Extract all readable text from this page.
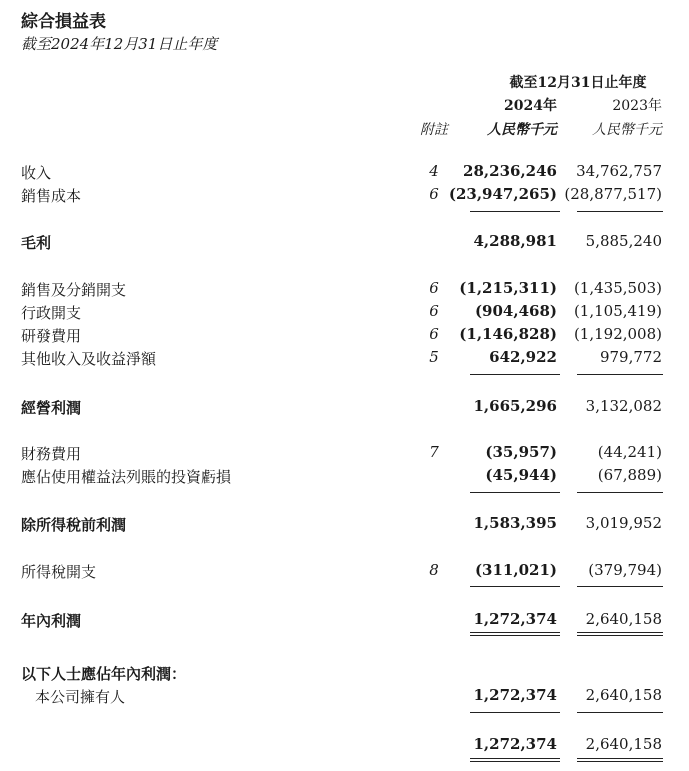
綜合損益表
截至2024年12月31日止年度
截至12月31日止年度
2024年	2023年
附註	人民幣千元	人民幣千元
收入	4	28,236,246 34,762,757
銷售成本	6 (23,947,265) (28,877,517)
毛利	4,288,981 5,885,240
銷售及分銷開支	6	(1,215,311) (1,435,503)
行政開支	6	(904,468) (1,105,419)
研發費用	6	(1,146,828) (1,192,008)
其他收入及收益淨額	5	642,922	979,772
經營利潤	1,665,296 3,132,082
財務費用	7	(35,957)	(44,241)
應佔使用權益法列賬的投資虧損	(45,944)	(67,889)
除所得稅前利潤	1,583,395 3,019,952
所得稅開支	8	(311,021) (379,794)
年內利潤	1,272,374 2,640,158
以下人士應佔年內利潤：
本公司擁有人	1,272,374 2,640,158
1,272,374 2,640,158
